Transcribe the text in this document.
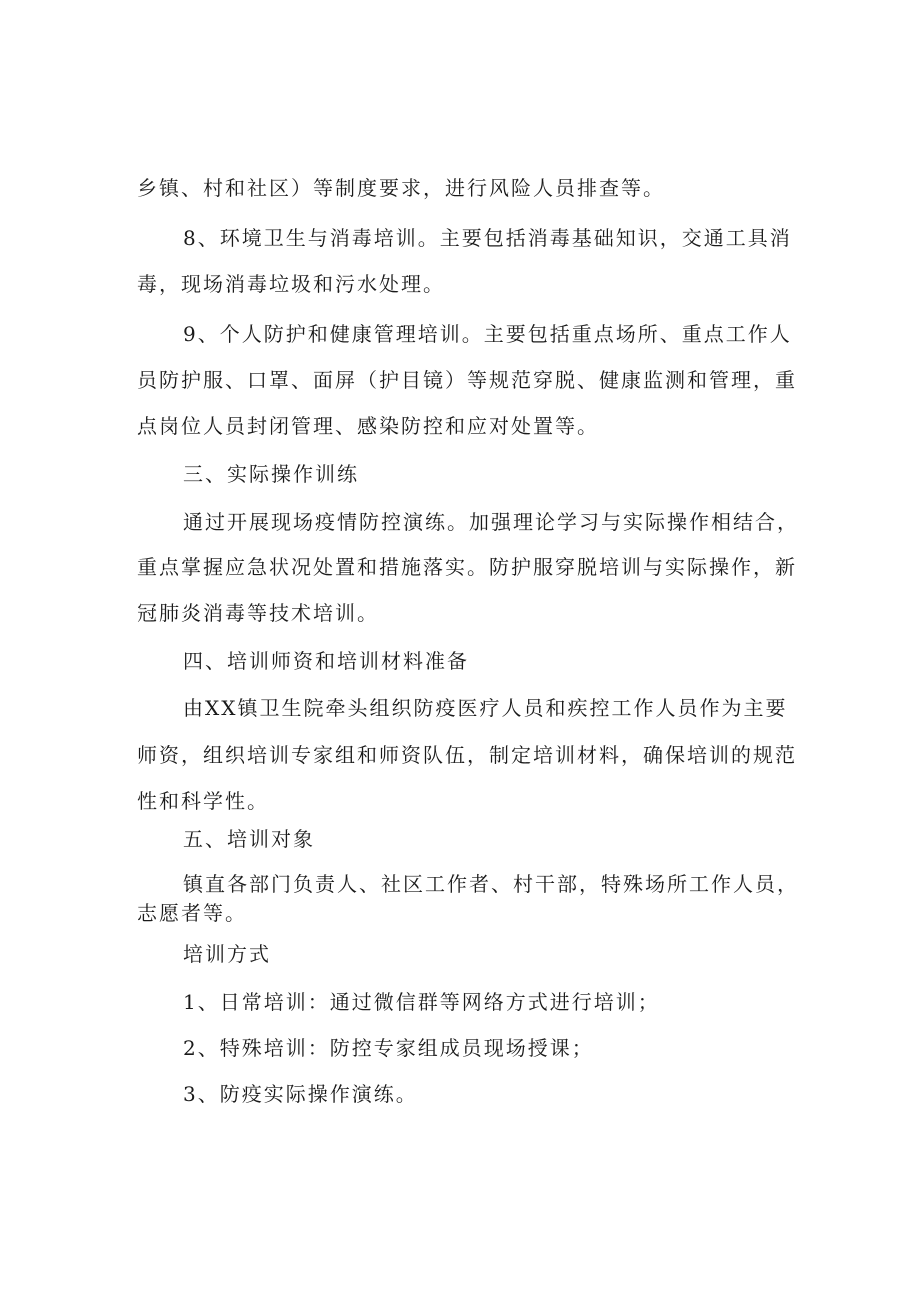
乡镇、村和社区）等制度要求，进行风险人员排查等。
8、环境卫生与消毒培训。主要包括消毒基础知识，交通工具消
毒，现场消毒垃圾和污水处理。
9、个人防护和健康管理培训。主要包括重点场所、重点工作人
员防护服、口罩、面屏（护目镜）等规范穿脱、健康监测和管理，重
点岗位人员封闭管理、感染防控和应对处置等。
三、实际操作训练
通过开展现场疫情防控演练。加强理论学习与实际操作相结合，
重点掌握应急状况处置和措施落实。防护服穿脱培训与实际操作，新
冠肺炎消毒等技术培训。
四、培训师资和培训材料准备
由XX镇卫生院牵头组织防疫医疗人员和疾控工作人员作为主要
师资，组织培训专家组和师资队伍，制定培训材料，确保培训的规范
性和科学性。
五、培训对象
镇直各部门负责人、社区工作者、村干部，特殊场所工作人员，
志愿者等。
培训方式
1、日常培训：通过微信群等网络方式进行培训；
2、特殊培训：防控专家组成员现场授课；
3、防疫实际操作演练。
